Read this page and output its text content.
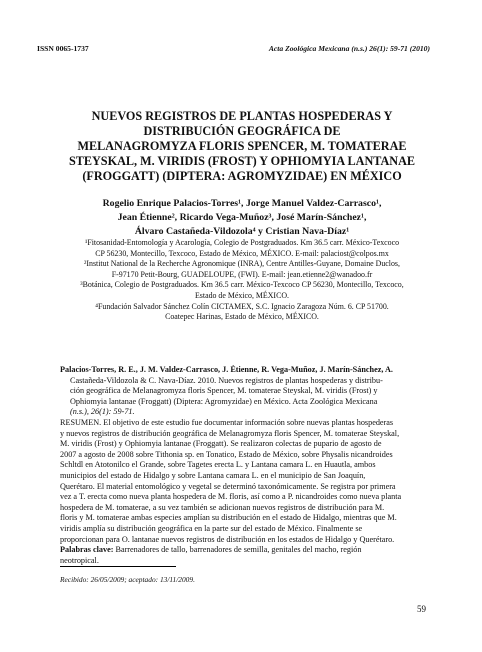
ISSN 0065-1737	Acta Zoológica Mexicana (n.s.) 26(1): 59-71 (2010)
NUEVOS REGISTROS DE PLANTAS HOSPEDERAS Y
DISTRIBUCIÓN GEOGRÁFICA DE
MELANAGROMYZA FLORIS SPENCER, M. TOMATERAE
STEYSKAL, M. VIRIDIS (FROST) Y OPHIOMYIA LANTANAE
(FROGGATT) (DIPTERA: AGROMYZIDAE) EN MÉXICO
Rogelio Enrique Palacios-Torres¹, Jorge Manuel Valdez-Carrasco¹,
Jean Étienne², Ricardo Vega-Muñoz³, José Marín-Sánchez¹,
Álvaro Castañeda-Vildozola⁴ y Cristian Nava-Díaz¹
¹Fitosanidad-Entomología y Acarología, Colegio de Postgraduados. Km 36.5 carr. México-Texcoco
CP 56230, Montecillo, Texcoco, Estado de México, MÉXICO. E-mail: palaciost@colpos.mx
²Institut National de la Recherche Agronomique (INRA), Centre Antilles-Guyane, Domaine Duclos,
F-97170 Petit-Bourg, GUADELOUPE, (FWI). E-mail: jean.etienne2@wanadoo.fr
³Botánica, Colegio de Postgraduados. Km 36.5 carr. México-Texcoco CP 56230, Montecillo, Texcoco,
Estado de México, MÉXICO.
⁴Fundación Salvador Sánchez Colín CICTAMEX, S.C. Ignacio Zaragoza Núm. 6. CP 51700.
Coatepec Harinas, Estado de México, MÉXICO.
Palacios-Torres, R. E., J. M. Valdez-Carrasco, J. Étienne, R. Vega-Muñoz, J. Marín-Sánchez, A.
Castañeda-Vildozola & C. Nava-Díaz. 2010. Nuevos registros de plantas hospederas y distribu-
ción geográfica de Melanagromyza floris Spencer, M. tomaterae Steyskal, M. viridis (Frost) y
Ophiomyia lantanae (Froggatt) (Diptera: Agromyzidae) en México. Acta Zoológica Mexicana
(n.s.), 26(1): 59-71.
RESUMEN. El objetivo de este estudio fue documentar información sobre nuevas plantas hospederas
y nuevos registros de distribución geográfica de Melanagromyza floris Spencer, M. tomaterae Steyskal,
M. viridis (Frost) y Ophiomyia lantanae (Froggatt). Se realizaron colectas de pupario de agosto de
2007 a agosto de 2008 sobre Tithonia sp. en Tonatico, Estado de México, sobre Physalis nicandroides
Schltdl en Atotonilco el Grande, sobre Tagetes erecta L. y Lantana camara L. en Huautla, ambos
municipios del estado de Hidalgo y sobre Lantana camara L. en el municipio de San Joaquín,
Querétaro. El material entomológico y vegetal se determinó taxonómicamente. Se registra por primera
vez a T. erecta como nueva planta hospedera de M. floris, así como a P. nicandroides como nueva planta
hospedera de M. tomaterae, a su vez también se adicionan nuevos registros de distribución para M.
floris y M. tomaterae ambas especies amplían su distribución en el estado de Hidalgo, mientras que M.
viridis amplía su distribución geográfica en la parte sur del estado de México. Finalmente se
proporcionan para O. lantanae nuevos registros de distribución en los estados de Hidalgo y Querétaro.
Palabras clave: Barrenadores de tallo, barrenadores de semilla, genitales del macho, región
neotropical.
Recibido: 26/05/2009; aceptado: 13/11/2009.
59
